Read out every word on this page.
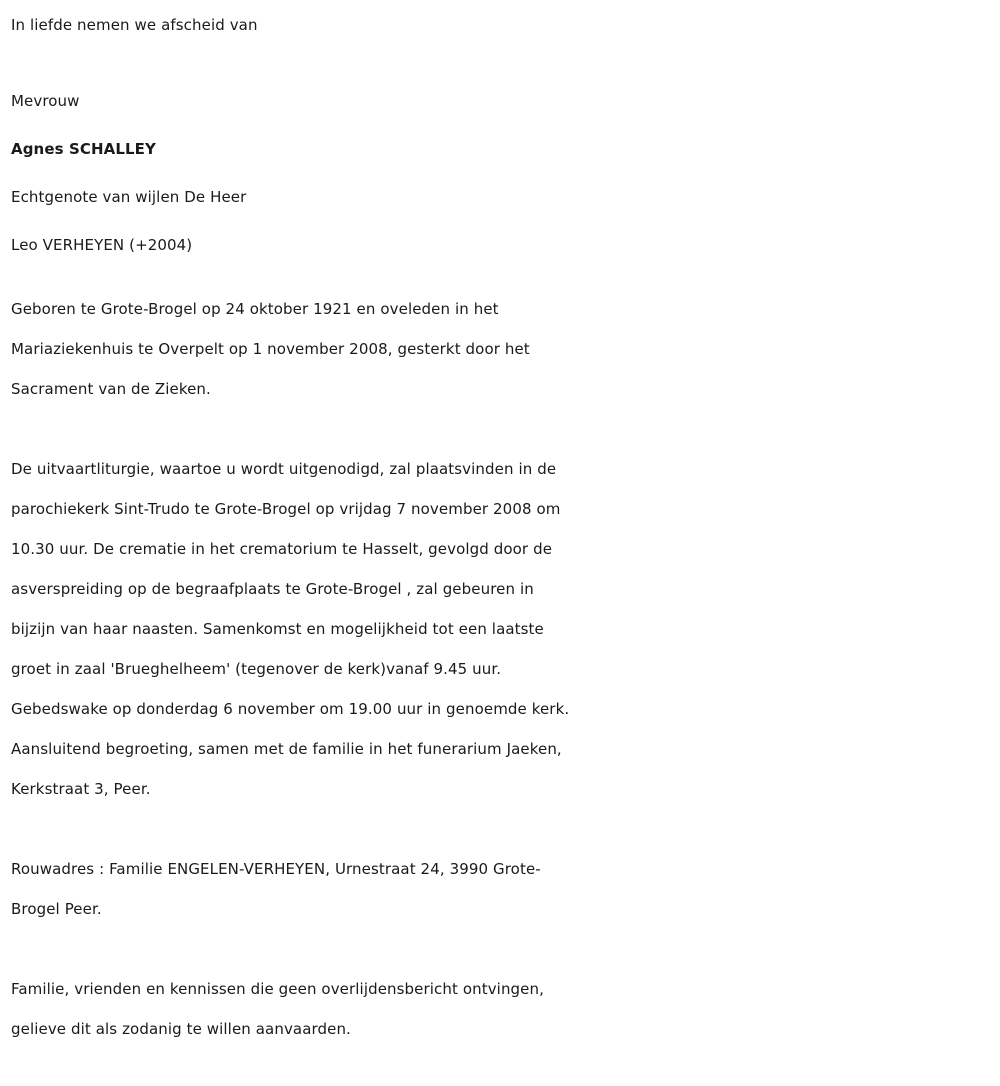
In liefde nemen we afscheid van

Mevrouw

Agnes SCHALLEY

Echtgenote van wijlen De Heer

Leo VERHEYEN (+2004)

Geboren te Grote-Brogel op 24 oktober 1921 en oveleden in het

Mariaziekenhuis te Overpelt op 1 november 2008, gesterkt door het

Sacrament van de Zieken.

De uitvaartliturgie, waartoe u wordt uitgenodigd, zal plaatsvinden in de

parochiekerk Sint-Trudo te Grote-Brogel op vrijdag 7 november 2008 om

10.30 uur. De crematie in het crematorium te Hasselt, gevolgd door de

asverspreiding op de begraafplaats te Grote-Brogel , zal gebeuren in

bijzijn van haar naasten. Samenkomst en mogelijkheid tot een laatste

groet in zaal 'Brueghelheem' (tegenover de kerk)vanaf 9.45 uur.

Gebedswake op donderdag 6 november om 19.00 uur in genoemde kerk.

Aansluitend begroeting, samen met de familie in het funerarium Jaeken,

Kerkstraat 3, Peer.

Rouwadres : Familie ENGELEN-VERHEYEN, Urnestraat 24, 3990 Grote-

Brogel Peer.

Familie, vrienden en kennissen die geen overlijdensbericht ontvingen,

gelieve dit als zodanig te willen aanvaarden.
